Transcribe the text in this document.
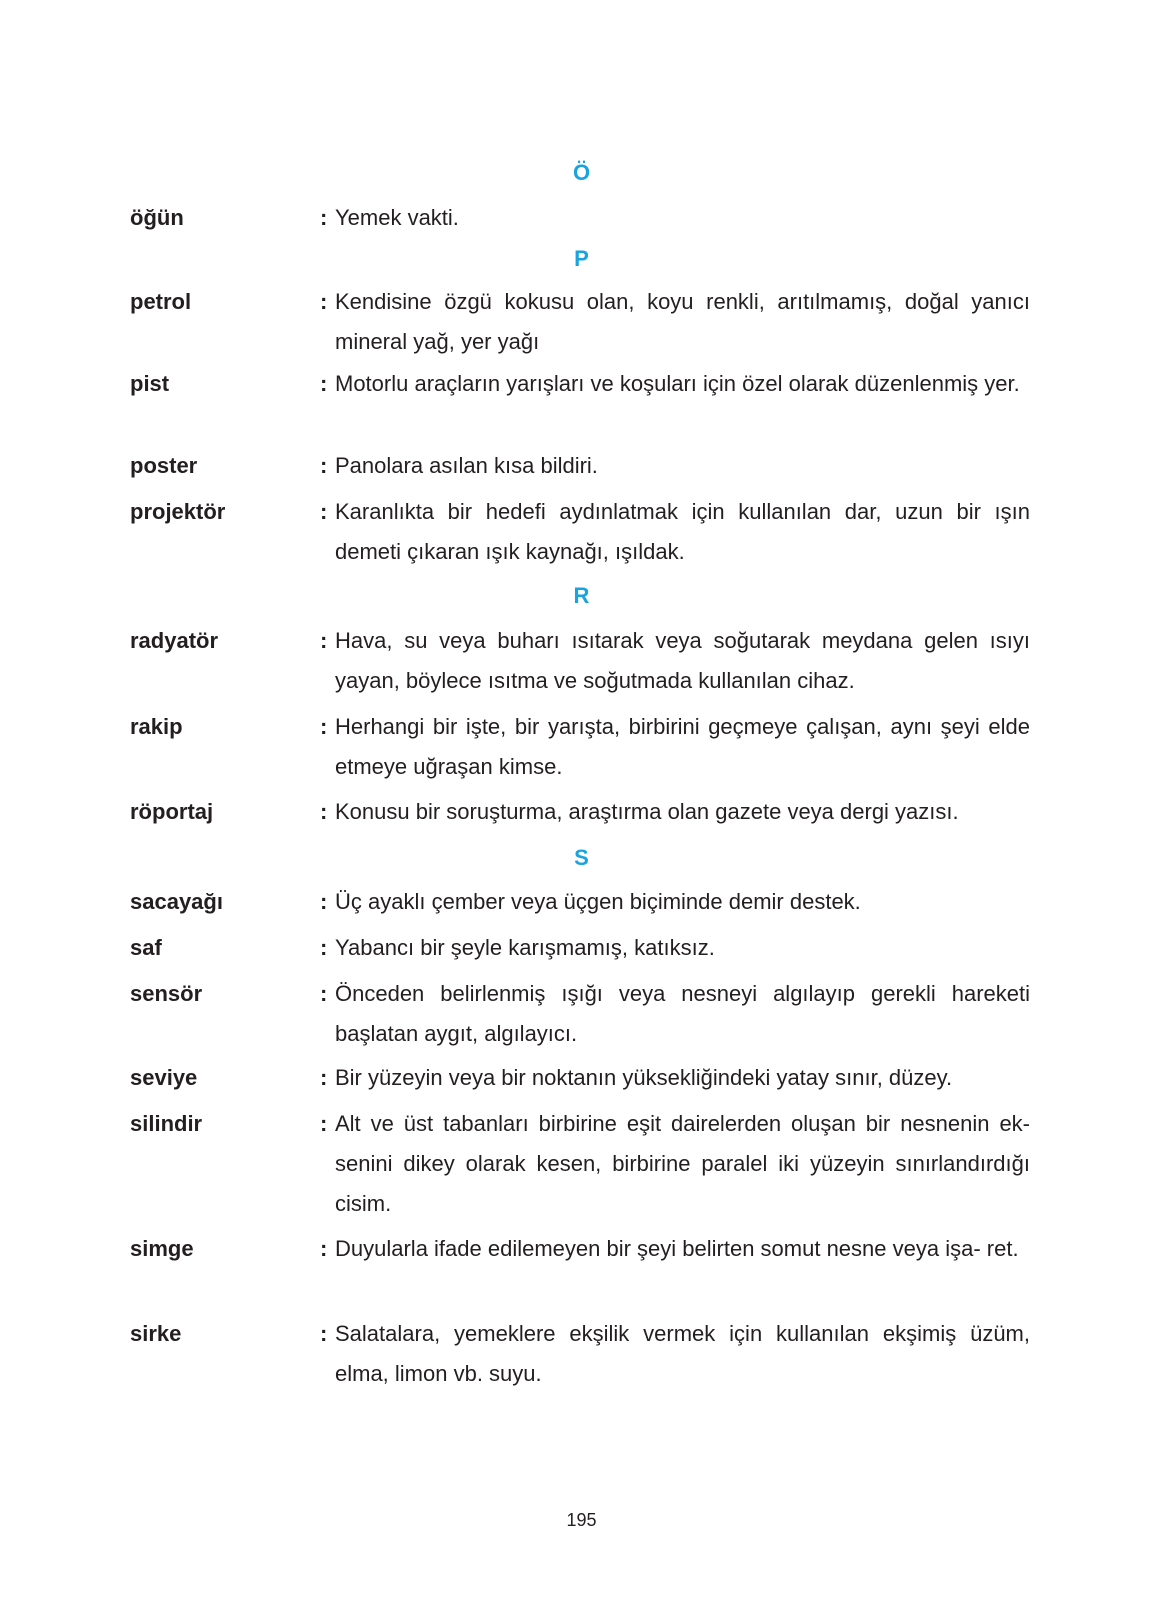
Ö
öğün	: Yemek vakti.
P
petrol	: Kendisine özgü kokusu olan, koyu renkli, arıtılmamış, doğal yanıcı mineral yağ, yer yağı
pist	: Motorlu araçların yarışları ve koşuları için özel olarak düzenlenmiş yer.
poster	: Panolara asılan kısa bildiri.
projektör	: Karanlıkta bir hedefi aydınlatmak için kullanılan dar, uzun bir ışın demeti çıkaran ışık kaynağı, ışıldak.
R
radyatör	: Hava, su veya buharı ısıtarak veya soğutarak meydana gelen ısıyı yayan, böylece ısıtma ve soğutmada kullanılan cihaz.
rakip	: Herhangi bir işte, bir yarışta, birbirini geçmeye çalışan, aynı şeyi elde etmeye uğraşan kimse.
röportaj	: Konusu bir soruşturma, araştırma olan gazete veya dergi yazısı.
S
sacayağı	: Üç ayaklı çember veya üçgen biçiminde demir destek.
saf	: Yabancı bir şeyle karışmamış, katıksız.
sensör	: Önceden belirlenmiş ışığı veya nesneyi algılayıp gerekli hareketi başlatan aygıt, algılayıcı.
seviye	: Bir yüzeyin veya bir noktanın yüksekliğindeki yatay sınır, düzey.
silindir	: Alt ve üst tabanları birbirine eşit dairelerden oluşan bir nesnenin ek- senini dikey olarak kesen, birbirine paralel iki yüzeyin sınırlandırdığı cisim.
simge	: Duyularla ifade edilemeyen bir şeyi belirten somut nesne veya işa- ret.
sirke	: Salatalara, yemeklere ekşilik vermek için kullanılan ekşimiş üzüm, elma, limon vb. suyu.
195
